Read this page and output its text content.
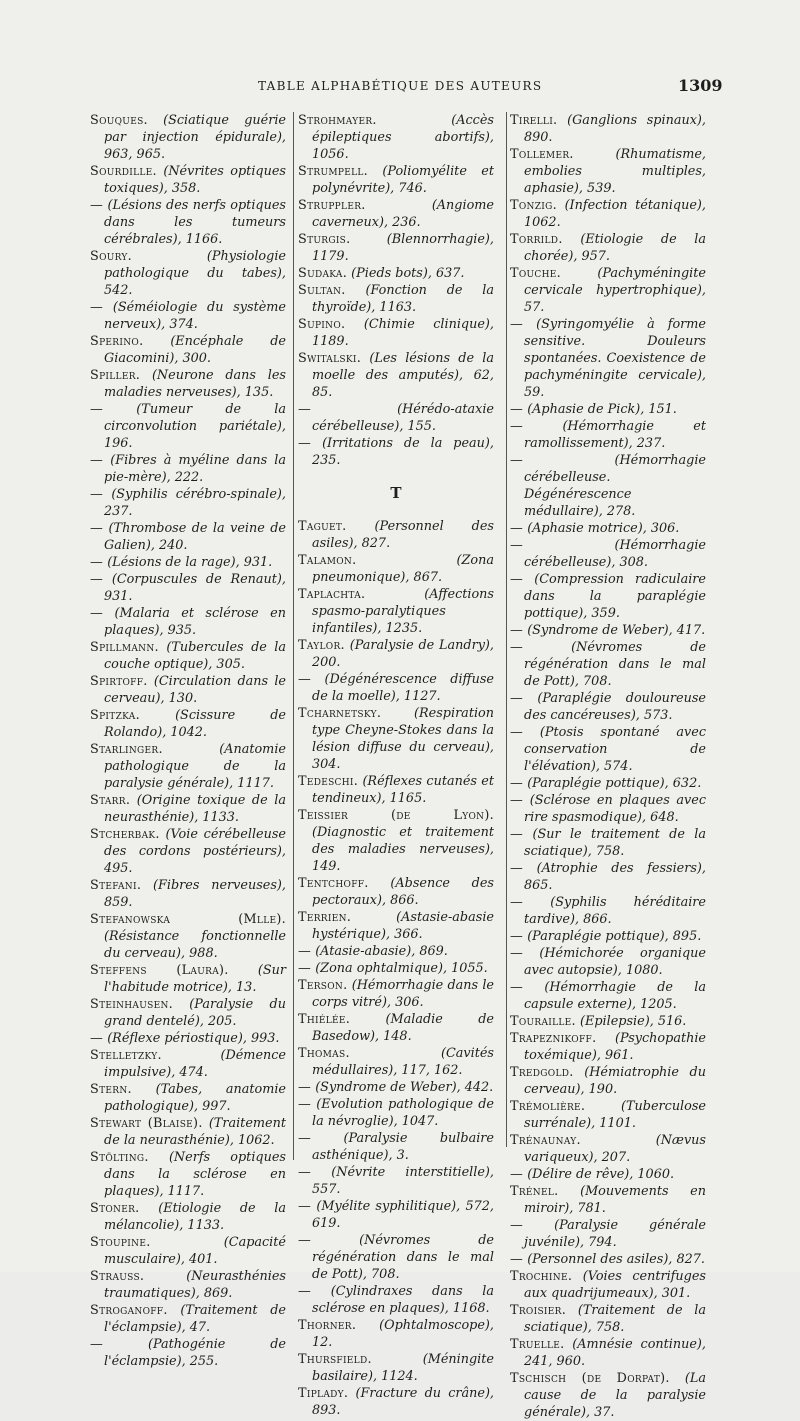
TABLE ALPHABÉTIQUE DES AUTEURS	1309

Souques. (Sciatique guérie par injection épidurale), 963, 965.

Sourdille. (Névrites optiques toxiques), 358.

— (Lésions des nerfs optiques dans les tumeurs cérébrales), 1166.

Soury.	(Physiologie pathologique du tabes), 542.

— (Séméiologie du système nerveux), 374.

Sperino. (Encéphale de Giacomini), 300.

Spiller. (Neurone dans les maladies nerveuses), 135.

—	(Tumeur de la circonvolution pariétale), 196.

— (Fibres à myéline dans la pie-mère), 222.

— (Syphilis cérébro-spinale), 237.

— (Thrombose de la veine de Galien), 240.

— (Lésions de la rage), 931.

— (Corpuscules de Renaut), 931.

— (Malaria et sclérose en plaques), 935.

Spillmann. (Tubercules de la couche optique), 305.

Spirtoff. (Circulation dans le cerveau), 130.

Spitzka.	(Scissure de Rolando), 1042.

Starlinger.	(Anatomie pathologique de la paralysie générale), 1117.

Starr. (Origine toxique de la neurasthénie), 1133.

Stcherbak. (Voie cérébelleuse des cordons postérieurs), 495.

Stefani. (Fibres nerveuses), 859.

Stefanowska (Mlle). (Résistance fonctionnelle du cerveau), 988.

Steffens (Laura). (Sur l'habitude motrice), 13.

Steinhausen. (Paralysie du grand dentelé), 205.

— (Réflexe périostique), 993.

Stelletzky.	(Démence impulsive), 474.

Stern. (Tabes, anatomie pathologique), 997.

Stewart (Blaise). (Traitement de la neurasthénie), 1062.

Stölting. (Nerfs optiques dans la sclérose en plaques), 1117.

Stoner. (Etiologie de la mélancolie), 1133.

Stoupine.	(Capacité musculaire), 401.

Strauss.	(Neurasthénies traumatiques), 869.

Stroganoff. (Traitement de l'éclampsie), 47.

—	(Pathogénie de l'éclampsie), 255.

Strohmayer.	(Accès épileptiques abortifs), 1056.

Strumpell. (Poliomyélite et polynévrite), 746.

Struppler.	(Angiome caverneux), 236.

Sturgis.	(Blennorrhagie), 1179.

Sudaka. (Pieds bots), 637.

Sultan. (Fonction de la thyroïde), 1163.

Supino. (Chimie clinique), 1189.

Switalski. (Les lésions de la moelle des amputés), 62, 85.

—	(Hérédo-ataxie cérébelleuse), 155.

— (Irritations de la peau), 235.

T

Taguet. (Personnel des asiles), 827.

Talamon.	(Zona pneumonique), 867.

Taplachta.	(Affections spasmo-paralytiques infantiles), 1235.

Taylor. (Paralysie de Landry), 200.

— (Dégénérescence diffuse de la moelle), 1127.

Tcharnetsky.	(Respiration type Cheyne-Stokes dans la lésion diffuse du cerveau), 304.

Tedeschi. (Réflexes cutanés et tendineux), 1165.

Teissier (de Lyon). (Diagnostic et traitement des maladies nerveuses), 149.

Tentchoff. (Absence des pectoraux), 866.

Terrien.	(Astasie-abasie hystérique), 366.

— (Atasie-abasie), 869.

— (Zona ophtalmique), 1055.

Terson. (Hémorrhagie dans le corps vitré), 306.

Thiélée.	(Maladie de Basedow), 148.

Thomas.	(Cavités médullaires), 117, 162.

— (Syndrome de Weber), 442.

— (Evolution pathologique de la névroglie), 1047.

—	(Paralysie bulbaire asthénique), 3.

— (Névrite interstitielle), 557.

— (Myélite syphilitique), 572, 619.

—	(Névromes de régénération dans le mal de Pott), 708.

— (Cylindraxes dans la sclérose en plaques), 1168.

Thorner. (Ophtalmoscope), 12.

Thursfield.	(Méningite basilaire), 1124.

Tiplady. (Fracture du crâne), 893.

Tirelli. (Ganglions spinaux), 890.

Tollemer.	(Rhumatisme, embolies multiples, aphasie), 539.

Tonzig. (Infection tétanique), 1062.

Torrild. (Etiologie de la chorée), 957.

Touche.	(Pachyméningite cervicale hypertrophique), 57.

— (Syringomyélie à forme sensitive. Douleurs spontanées. Coexistence de pachyméningite cervicale), 59.

— (Aphasie de Pick), 151.

—	(Hémorrhagie et ramollissement), 237.

—	(Hémorrhagie cérébelleuse. Dégénérescence médullaire), 278.

— (Aphasie motrice), 306.

—	(Hémorrhagie cérébelleuse), 308.

— (Compression radiculaire dans la paraplégie pottique), 359.

— (Syndrome de Weber), 417.

—	(Névromes de régénération dans le mal de Pott), 708.

— (Paraplégie douloureuse des cancéreuses), 573.

— (Ptosis spontané avec conservation de l'élévation), 574.

— (Paraplégie pottique), 632.

— (Sclérose en plaques avec rire spasmodique), 648.

— (Sur le traitement de la sciatique), 758.

— (Atrophie des fessiers), 865.

— (Syphilis héréditaire tardive), 866.

— (Paraplégie pottique), 895.

— (Hémichorée organique avec autopsie), 1080.

— (Hémorrhagie de la capsule externe), 1205.

Touraille. (Epilepsie), 516.

Trapeznikoff. (Psychopathie toxémique), 961.

Tredgold. (Hémiatrophie du cerveau), 190.

Trémolière.	(Tuberculose surrénale), 1101.

Trénaunay.	(Nævus variqueux), 207.

— (Délire de rêve), 1060.

Trénel. (Mouvements en miroir), 781.

— (Paralysie générale juvénile), 794.

— (Personnel des asiles), 827.

Trochine. (Voies centrifuges aux quadrijumeaux), 301.

Troisier. (Traitement de la sciatique), 758.

Truelle. (Amnésie continue), 241, 960.

Tschisch (de Dorpat). (La cause de la paralysie générale), 37.
